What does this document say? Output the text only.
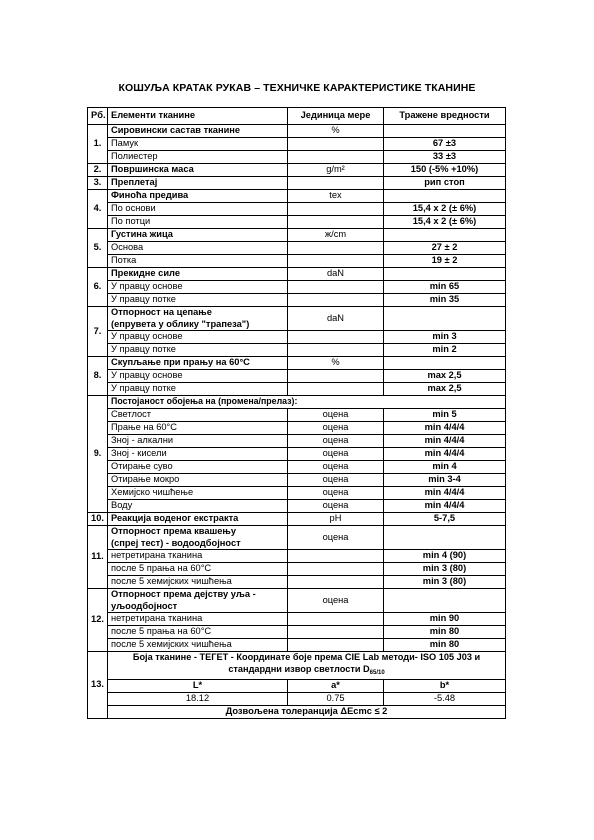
КОШУЉА КРАТАК РУКАВ – ТЕХНИЧКЕ КАРАКТЕРИСТИКЕ ТКАНИНЕ
Рб.	Елементи тканине	Јединица мере	Тражене вредности
1.	Сировински састав тканине	%	
	Памук		67 ±3
	Полиестер		33 ±3
2.	Површинска маса	g/m²	150 (-5% +10%)
3.	Преплетај		рип стоп
4.	Финоћа предива	tex	
	По основи		15,4 x 2 (± 6%)
	По потци		15,4 x 2 (± 6%)
5.	Густина жица	ж/cm	
	Основа		27 ± 2
	Потка		19 ± 2
6.	Прекидне силе	daN	
	У правцу основе		min 65
	У правцу потке		min 35
7.	Отпорност на цепање
(епрувета у облику "трапеза")	daN	
	У правцу основе		min 3
	У правцу потке		min 2
8.	Скупљање при прању на 60°C	%	
	У правцу основе		max 2,5
	У правцу потке		max 2,5
9.	Постојаност обојења на (промена/прелаз):		
	Светлост	оцена	min 5
	Прање на 60°C	оцена	min 4/4/4
	Зној - алкални	оцена	min 4/4/4
	Зној - кисели	оцена	min 4/4/4
	Отирање суво	оцена	min 4
	Отирање мокро	оцена	min 3-4
	Хемијско чишћење	оцена	min 4/4/4
	Воду	оцена	min 4/4/4
10.	Реакција воденог екстракта	pH	5-7,5
11.	Отпорност према квашењу
(спреј тест) - водоодбојност	оцена	
	нетретирана тканина		min 4 (90)
	после 5 прања на 60°C		min 3 (80)
	после 5 хемијских чишћења		min 3 (80)
12.	Отпорност према дејству уља -
уљоодбојност	оцена	
	нетретирана тканина		min 90
	после 5 прања на 60°C		min 80
	после 5 хемијских чишћења		min 80
13.	Боја тканине - ТЕГЕТ - Координате боје према CIE Lab методи- ISO 105 J03 и
стандардни извор светлости $D_{65/10}$
	L*	a*	b*
	18.12	0.75	-5.48
	Дозвољена толеранција ΔEcmc ≤ 2		
